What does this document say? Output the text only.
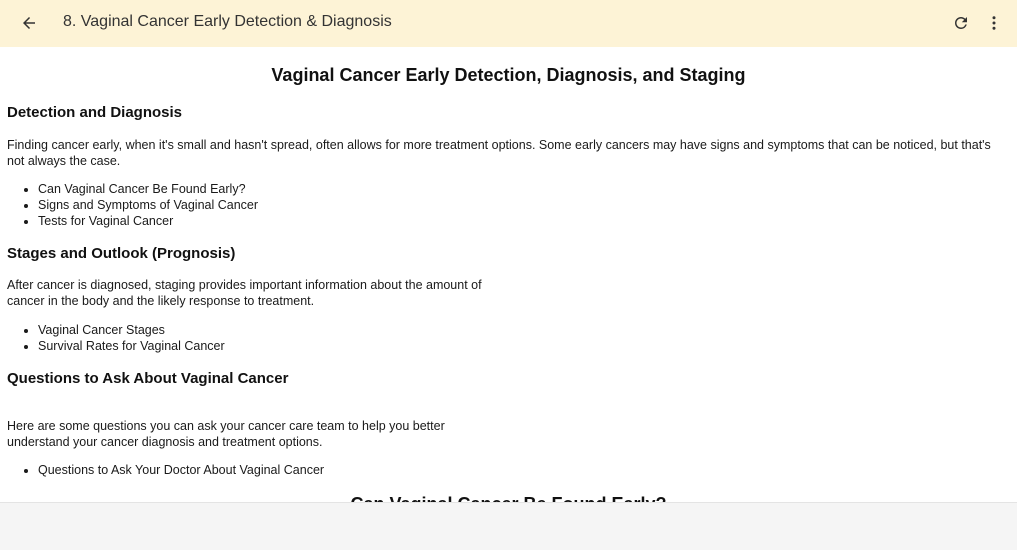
8. Vaginal Cancer Early Detection & Diagnosis
Vaginal Cancer Early Detection, Diagnosis, and Staging
Detection and Diagnosis
Finding cancer early, when it's small and hasn't spread, often allows for more treatment options. Some early cancers may have signs and symptoms that can be noticed, but that's not always the case.
• Can Vaginal Cancer Be Found Early?
• Signs and Symptoms of Vaginal Cancer
• Tests for Vaginal Cancer
Stages and Outlook (Prognosis)
After cancer is diagnosed, staging provides important information about the amount of cancer in the body and the likely response to treatment.
• Vaginal Cancer Stages
• Survival Rates for Vaginal Cancer
Questions to Ask About Vaginal Cancer
Here are some questions you can ask your cancer care team to help you better understand your cancer diagnosis and treatment options.
• Questions to Ask Your Doctor About Vaginal Cancer
